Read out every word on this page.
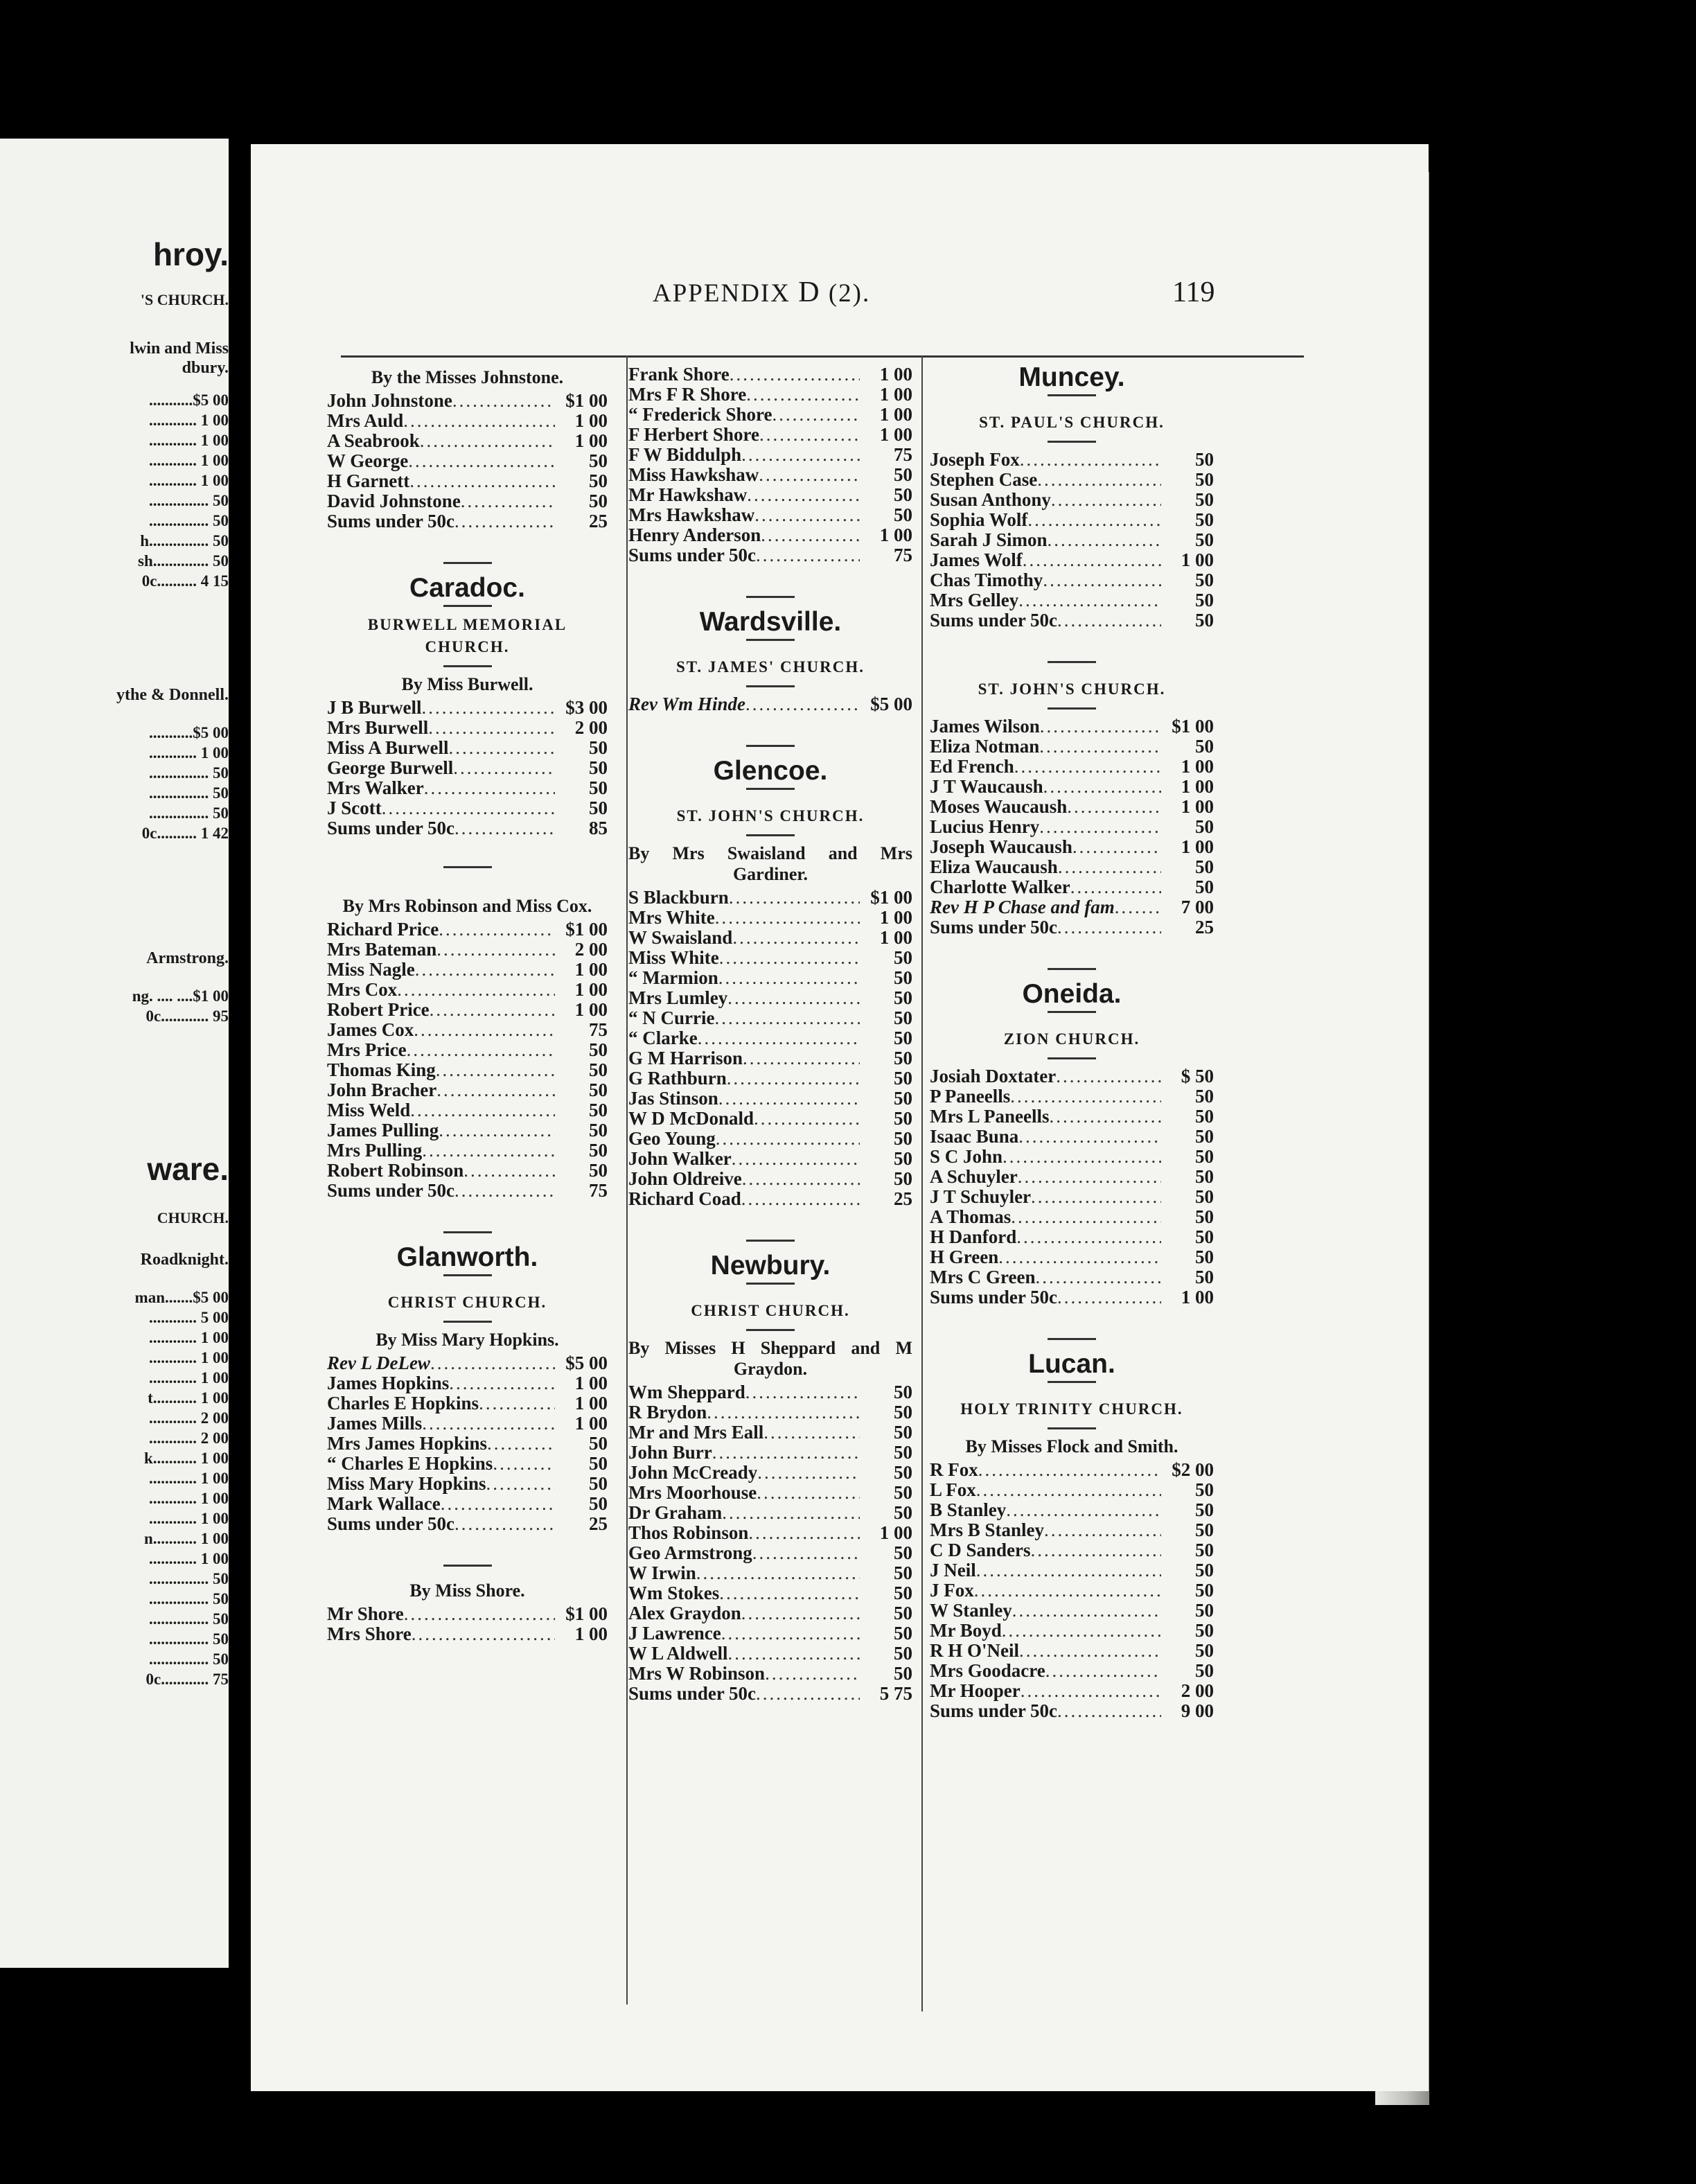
hroy.
'S CHURCH.
lwin and Miss
dbury.
...........$5 00
............ 1 00
............ 1 00
............ 1 00
............ 1 00
............... 50
............... 50
h............... 50
sh.............. 50
0c.......... 4 15
ythe & Donnell.
...........$5 00
............ 1 00
............... 50
............... 50
............... 50
0c.......... 1 42
Armstrong.
ng. .... ....$1 00
0c............ 95
ware.
CHURCH.
Roadknight.
man.......$5 00
............ 5 00
............ 1 00
............ 1 00
............ 1 00
t........... 1 00
............ 2 00
............ 2 00
k........... 1 00
............ 1 00
............ 1 00
............ 1 00
n........... 1 00
............ 1 00
............... 50
............... 50
............... 50
............... 50
............... 50
0c............ 75
APPENDIX D (2).	119
By the Misses Johnstone.
John Johnstone .....	$1 00
Mrs Auld .....	1 00
A Seabrook .....	1 00
W George .....	50
H Garnett .....	50
David Johnstone .....	50
Sums under 50c .....	25
Caradoc.
BURWELL MEMORIAL CHURCH.
By Miss Burwell.
J B Burwell .....	$3 00
Mrs Burwell .....	2 00
Miss A Burwell .....	50
George Burwell .....	50
Mrs Walker .....	50
J Scott .....	50
Sums under 50c .....	85
By Mrs Robinson and Miss Cox.
Richard Price .....	$1 00
Mrs Bateman .....	2 00
Miss Nagle .....	1 00
Mrs Cox .....	1 00
Robert Price .....	1 00
James Cox .....	75
Mrs Price .....	50
Thomas King .....	50
John Bracher .....	50
Miss Weld .....	50
James Pulling .....	50
Mrs Pulling .....	50
Robert Robinson .....	50
Sums under 50c .....	75
Glanworth.
CHRIST CHURCH.
By Miss Mary Hopkins.
Rev L DeLew .....	$5 00
James Hopkins .....	1 00
Charles E Hopkins .....	1 00
James Mills .....	1 00
Mrs James Hopkins .....	50
“ Charles E Hopkins .....	50
Miss Mary Hopkins .....	50
Mark Wallace .....	50
Sums under 50c .....	25
By Miss Shore.
Mr Shore .....	$1 00
Mrs Shore .....	1 00
Frank Shore .....	1 00
Mrs F R Shore .....	1 00
“ Frederick Shore .....	1 00
F Herbert Shore .....	1 00
F W Biddulph .....	75
Miss Hawkshaw .....	50
Mr Hawkshaw .....	50
Mrs Hawkshaw .....	50
Henry Anderson .....	1 00
Sums under 50c .....	75
Wardsville.
ST. JAMES' CHURCH.
Rev Wm Hinde .....	$5 00
Glencoe.
ST. JOHN'S CHURCH.
By Mrs Swaisland and Mrs Gardiner.
S Blackburn .....	$1 00
Mrs White .....	1 00
W Swaisland .....	1 00
Miss White .....	50
“ Marmion .....	50
Mrs Lumley .....	50
“ N Currie .....	50
“ Clarke .....	50
G M Harrison .....	50
G Rathburn .....	50
Jas Stinson .....	50
W D McDonald .....	50
Geo Young .....	50
John Walker .....	50
John Oldreive .....	50
Richard Coad .....	25
Newbury.
CHRIST CHURCH.
By Misses H Sheppard and M Graydon.
Wm Sheppard .....	50
R Brydon .....	50
Mr and Mrs Eall .....	50
John Burr .....	50
John McCready .....	50
Mrs Moorhouse .....	50
Dr Graham .....	50
Thos Robinson .....	1 00
Geo Armstrong .....	50
W Irwin .....	50
Wm Stokes .....	50
Alex Graydon .....	50
J Lawrence .....	50
W L Aldwell .....	50
Mrs W Robinson .....	50
Sums under 50c .....	5 75
Muncey.
ST. PAUL'S CHURCH.
Joseph Fox .....	50
Stephen Case .....	50
Susan Anthony .....	50
Sophia Wolf .....	50
Sarah J Simon .....	50
James Wolf .....	1 00
Chas Timothy .....	50
Mrs Gelley .....	50
Sums under 50c .....	50
ST. JOHN'S CHURCH.
James Wilson .....	$1 00
Eliza Notman .....	50
Ed French .....	1 00
J T Waucaush .....	1 00
Moses Waucaush .....	1 00
Lucius Henry .....	50
Joseph Waucaush .....	1 00
Eliza Waucaush .....	50
Charlotte Walker .....	50
Rev H P Chase and fam .....	7 00
Sums under 50c .....	25
Oneida.
ZION CHURCH.
Josiah Doxtater .....	$ 50
P Paneells .....	50
Mrs L Paneells .....	50
Isaac Buna .....	50
S C John .....	50
A Schuyler .....	50
J T Schuyler .....	50
A Thomas .....	50
H Danford .....	50
H Green .....	50
Mrs C Green .....	50
Sums under 50c .....	1 00
Lucan.
HOLY TRINITY CHURCH.
By Misses Flock and Smith.
R Fox .....	$2 00
L Fox .....	50
B Stanley .....	50
Mrs B Stanley .....	50
C D Sanders .....	50
J Neil .....	50
J Fox .....	50
W Stanley .....	50
Mr Boyd .....	50
R H O'Neil .....	50
Mrs Goodacre .....	50
Mr Hooper .....	2 00
Sums under 50c .....	9 00
